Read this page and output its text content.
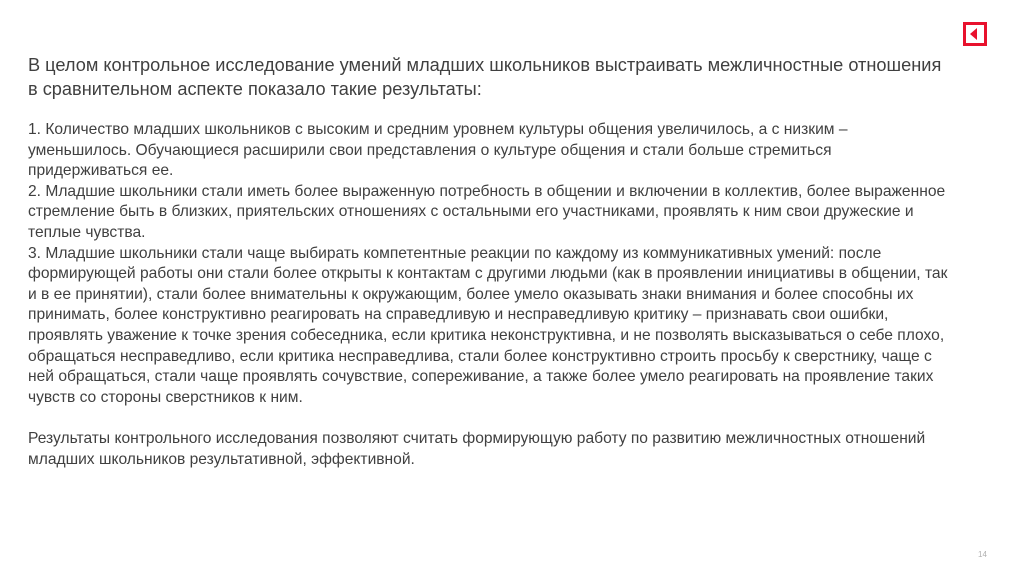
В целом контрольное исследование умений младших школьников выстраивать межличностные отношения в сравнительном аспекте показало такие результаты:

1. Количество младших школьников с высоким и средним уровнем культуры общения увеличилось, а с низким – уменьшилось. Обучающиеся расширили свои представления о культуре общения и стали больше стремиться придерживаться ее.
2. Младшие школьники стали иметь более выраженную потребность в общении и включении в коллектив, более выраженное стремление быть в близких, приятельских отношениях с остальными его участниками, проявлять к ним свои дружеские и теплые чувства.
3. Младшие школьники стали чаще выбирать компетентные реакции по каждому из коммуникативных умений: после формирующей работы они стали более открыты к контактам с другими людьми (как в проявлении инициативы в общении, так и в ее принятии), стали более внимательны к окружающим, более умело оказывать знаки внимания и более способны их принимать, более конструктивно реагировать на справедливую и несправедливую критику – признавать свои ошибки, проявлять уважение к точке зрения собеседника, если критика неконструктивна, и не позволять высказываться о себе плохо, обращаться несправедливо, если критика несправедлива, стали более конструктивно строить просьбу к сверстнику, чаще с ней обращаться, стали чаще проявлять сочувствие, сопереживание, а также более умело реагировать на проявление таких чувств со стороны сверстников к ним.

Результаты контрольного исследования позволяют считать формирующую работу по развитию межличностных отношений младших школьников результативной, эффективной.

14
